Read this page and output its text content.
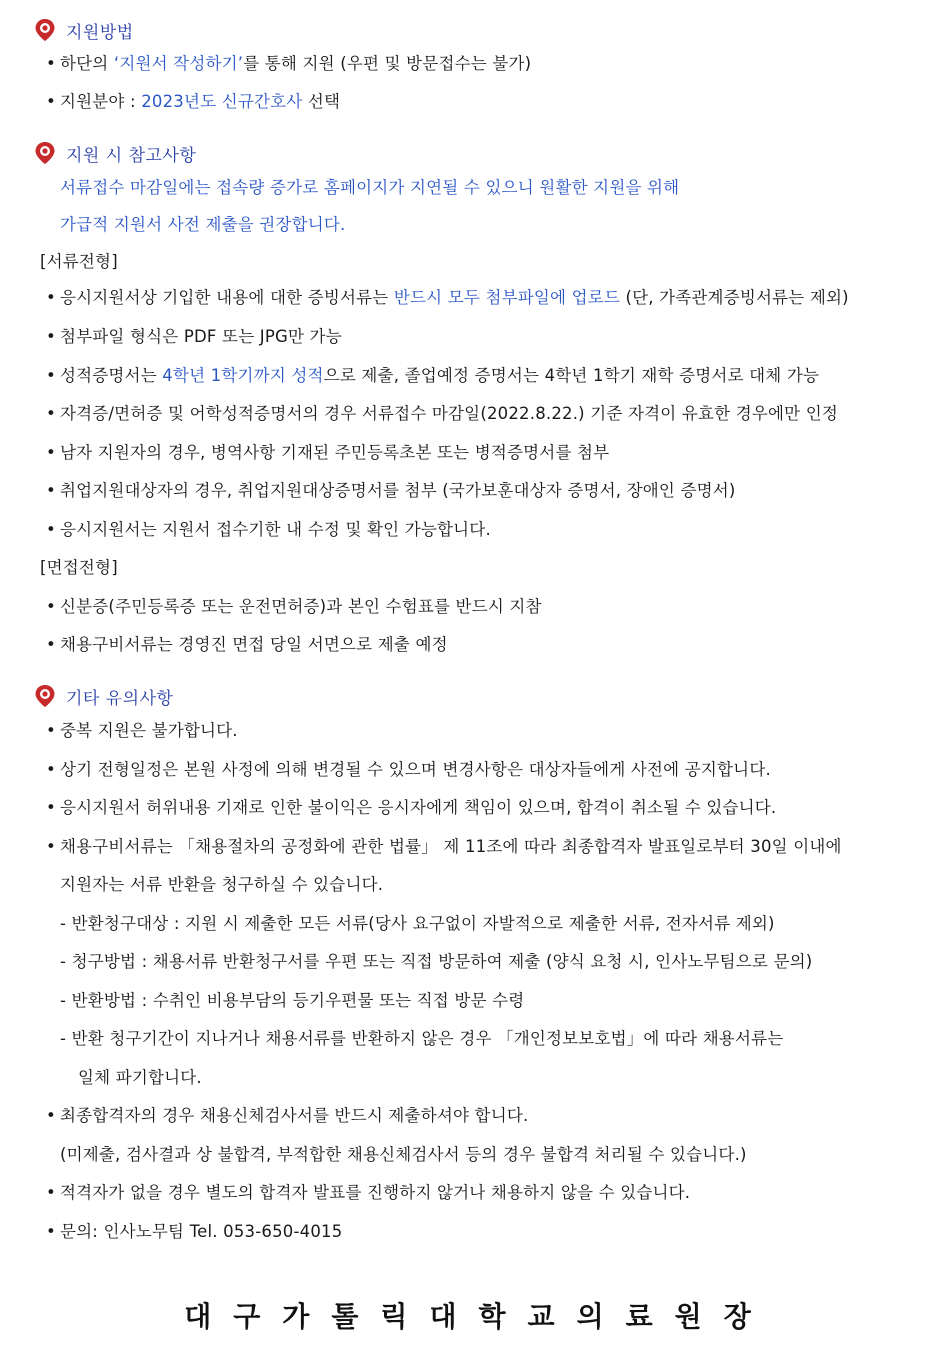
지원방법
• 하단의 ‘지원서 작성하기’를 통해 지원 (우편 및 방문접수는 불가)
• 지원분야 : 2023년도 신규간호사 선택
지원 시 참고사항
서류접수 마감일에는 접속량 증가로 홈페이지가 지연될 수 있으니 원활한 지원을 위해
가급적 지원서 사전 제출을 권장합니다.
[서류전형]
• 응시지원서상 기입한 내용에 대한 증빙서류는 반드시 모두 첨부파일에 업로드 (단, 가족관계증빙서류는 제외)
• 첨부파일 형식은 PDF 또는 JPG만 가능
• 성적증명서는 4학년 1학기까지 성적으로 제출, 졸업예정 증명서는 4학년 1학기 재학 증명서로 대체 가능
• 자격증/면허증 및 어학성적증명서의 경우 서류접수 마감일(2022.8.22.) 기준 자격이 유효한 경우에만 인정
• 남자 지원자의 경우, 병역사항 기재된 주민등록초본 또는 병적증명서를 첨부
• 취업지원대상자의 경우, 취업지원대상증명서를 첨부 (국가보훈대상자 증명서, 장애인 증명서)
• 응시지원서는 지원서 접수기한 내 수정 및 확인 가능합니다.
[면접전형]
• 신분증(주민등록증 또는 운전면허증)과 본인 수험표를 반드시 지참
• 채용구비서류는 경영진 면접 당일 서면으로 제출 예정
기타 유의사항
• 중복 지원은 불가합니다.
• 상기 전형일정은 본원 사정에 의해 변경될 수 있으며 변경사항은 대상자들에게 사전에 공지합니다.
• 응시지원서 허위내용 기재로 인한 불이익은 응시자에게 책임이 있으며, 합격이 취소될 수 있습니다.
• 채용구비서류는 「채용절차의 공정화에 관한 법률」 제 11조에 따라 최종합격자 발표일로부터 30일 이내에
지원자는 서류 반환을 청구하실 수 있습니다.
- 반환청구대상 : 지원 시 제출한 모든 서류(당사 요구없이 자발적으로 제출한 서류, 전자서류 제외)
- 청구방법 : 채용서류 반환청구서를 우편 또는 직접 방문하여 제출 (양식 요청 시, 인사노무팀으로 문의)
- 반환방법 : 수취인 비용부담의 등기우편물 또는 직접 방문 수령
- 반환 청구기간이 지나거나 채용서류를 반환하지 않은 경우 「개인정보보호법」에 따라 채용서류는
일체 파기합니다.
• 최종합격자의 경우 채용신체검사서를 반드시 제출하셔야 합니다.
(미제출, 검사결과 상 불합격, 부적합한 채용신체검사서 등의 경우 불합격 처리될 수 있습니다.)
• 적격자가 없을 경우 별도의 합격자 발표를 진행하지 않거나 채용하지 않을 수 있습니다.
• 문의: 인사노무팀 Tel. 053-650-4015
대구가톨릭대학교의료원장
